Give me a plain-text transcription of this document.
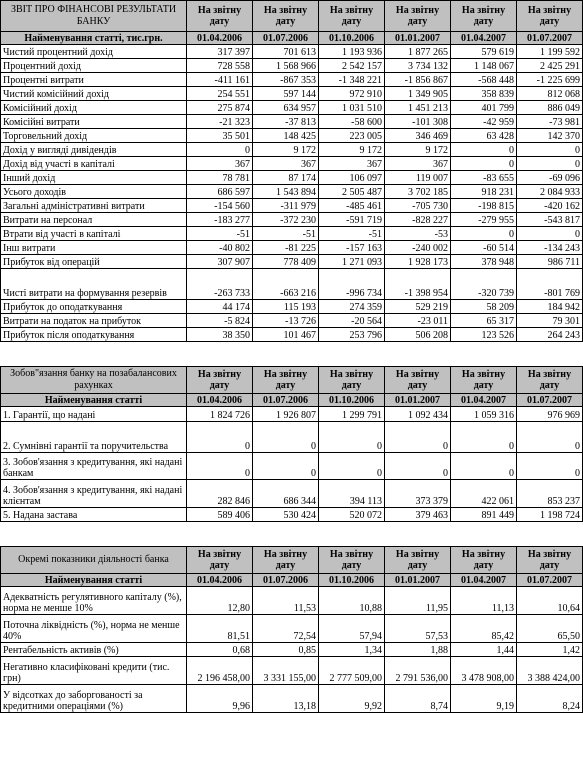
ЗВІТ ПРО ФІНАНСОВІ РЕЗУЛЬТАТИ БАНКУ	На звітну дату	На звітну дату	На звітну дату	На звітну дату	На звітну дату	На звітну дату
Найменування статті, тис.грн.	01.04.2006	01.07.2006	01.10.2006	01.01.2007	01.04.2007	01.07.2007
Чистий процентний дохід	317 397	701 613	1 193 936	1 877 265	579 619	1 199 592
Процентний дохід	728 558	1 568 966	2 542 157	3 734 132	1 148 067	2 425 291
Процентні витрати	-411 161	-867 353	-1 348 221	-1 856 867	-568 448	-1 225 699
Чистий комісійний дохід	254 551	597 144	972 910	1 349 905	358 839	812 068
Комісійний дохід	275 874	634 957	1 031 510	1 451 213	401 799	886 049
Комісійні витрати	-21 323	-37 813	-58 600	-101 308	-42 959	-73 981
Торговельний дохід	35 501	148 425	223 005	346 469	63 428	142 370
Дохід у вигляді дивідендів	0	9 172	9 172	9 172	0	0
Дохід від участі в капіталі	367	367	367	367	0	0
Інший дохід	78 781	87 174	106 097	119 007	-83 655	-69 096
Усього доходів	686 597	1 543 894	2 505 487	3 702 185	918 231	2 084 933
Загальні адміністративні витрати	-154 560	-311 979	-485 461	-705 730	-198 815	-420 162
Витрати на персонал	-183 277	-372 230	-591 719	-828 227	-279 955	-543 817
Втрати від участі в капіталі	-51	-51	-51	-53	0	0
Інш витрати	-40 802	-81 225	-157 163	-240 002	-60 514	-134 243
Прибуток від операцій	307 907	778 409	1 271 093	1 928 173	378 948	986 711
Чисті витрати на формування резервів	-263 733	-663 216	-996 734	-1 398 954	-320 739	-801 769
Прибуток до оподаткування	44 174	115 193	274 359	529 219	58 209	184 942
Витрати на податок на прибуток	-5 824	-13 726	-20 564	-23 011	65 317	79 301
Прибуток після оподаткування	38 350	101 467	253 796	506 208	123 526	264 243

Зобов"язання банку на позабалансових рахунках	На звітну дату	На звітну дату	На звітну дату	На звітну дату	На звітну дату	На звітну дату
Найменування статті	01.04.2006	01.07.2006	01.10.2006	01.01.2007	01.04.2007	01.07.2007
1. Гарантії, що надані	1 824 726	1 926 807	1 299 791	1 092 434	1 059 316	976 969
2. Сумнівні гарантії та поручительства	0	0	0	0	0	0
3. Зобов'язання з кредитування, які надані банкам	0	0	0	0	0	0
4. Зобов'язання з кредитування, які надані клієнтам	282 846	686 344	394 113	373 379	422 061	853 237
5. Надана застава	589 406	530 424	520 072	379 463	891 449	1 198 724

Окремі показники діяльності банка	На звітну дату	На звітну дату	На звітну дату	На звітну дату	На звітну дату	На звітну дату
Найменування статті	01.04.2006	01.07.2006	01.10.2006	01.01.2007	01.04.2007	01.07.2007
Адекватність регулятивного капіталу (%), норма не менше 10%	12,80	11,53	10,88	11,95	11,13	10,64
Поточна ліквідність (%), норма не менше 40%	81,51	72,54	57,94	57,53	85,42	65,50
Рентабельність активів (%)	0,68	0,85	1,34	1,88	1,44	1,42
Негативно класифіковані кредити (тис. грн)	2 196 458,00	3 331 155,00	2 777 509,00	2 791 536,00	3 478 908,00	3 388 424,00
У відсотках до заборгованості за кредитними операціями (%)	9,96	13,18	9,92	8,74	9,19	8,24
